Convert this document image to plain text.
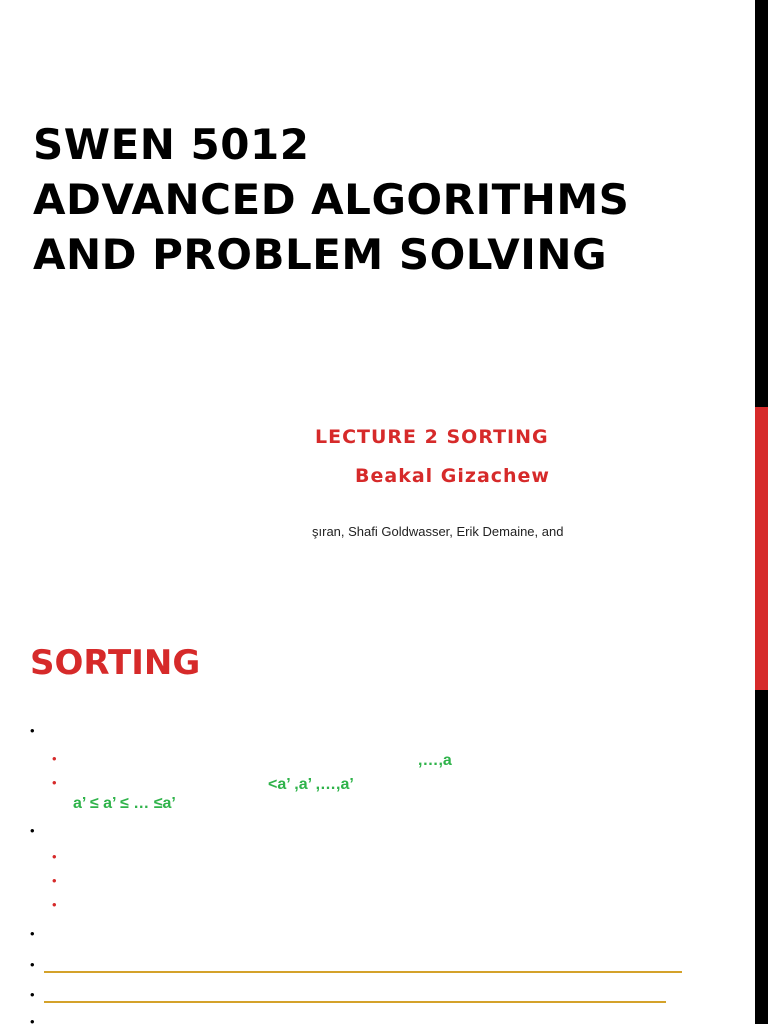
SWEN 5012
ADVANCED ALGORITHMS
AND PROBLEM SOLVING
LECTURE 2 SORTING
Beakal Gizachew
şıran, Shafi Goldwasser, Erik Demaine, and
SORTING
•
•
•
•
•
•
•
•
•
•
•
,…,a
<a’ ,a’ ,…,a’
a’ ≤ a’ ≤ … ≤a’
